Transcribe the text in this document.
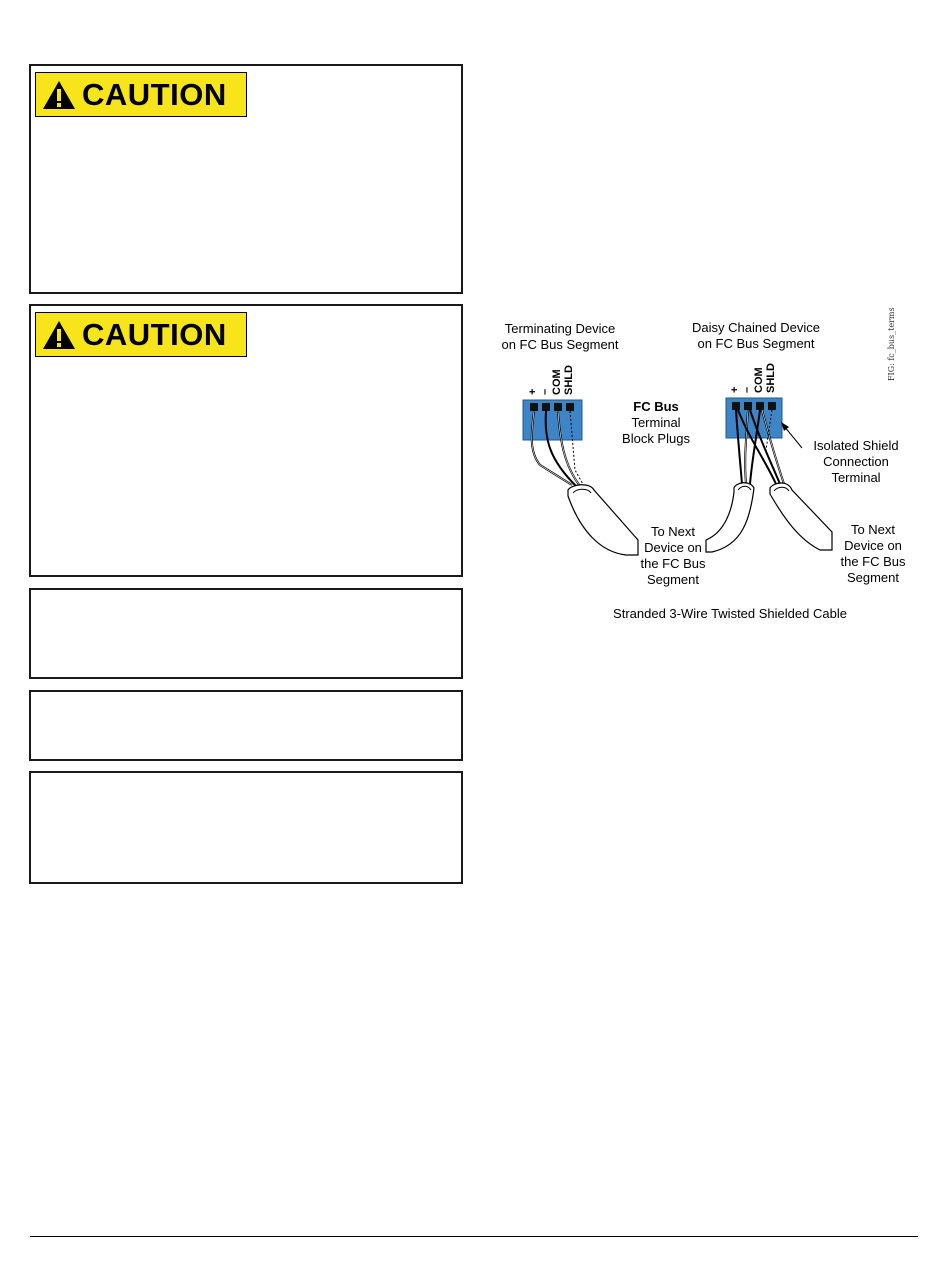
CAUTION
CAUTION	Terminating Device
on FC Bus Segment
Daisy Chained Device
on FC Bus Segment
+ – COM SHLD	+ – COM SHLD
FC Bus
Terminal
Block Plugs	Isolated Shield
Connection
Terminal
To Next
Device on
the FC Bus
Segment
To Next
Device on
the FC Bus
Segment
Stranded 3-Wire Twisted Shielded Cable
FIG: fc_bus_terms
